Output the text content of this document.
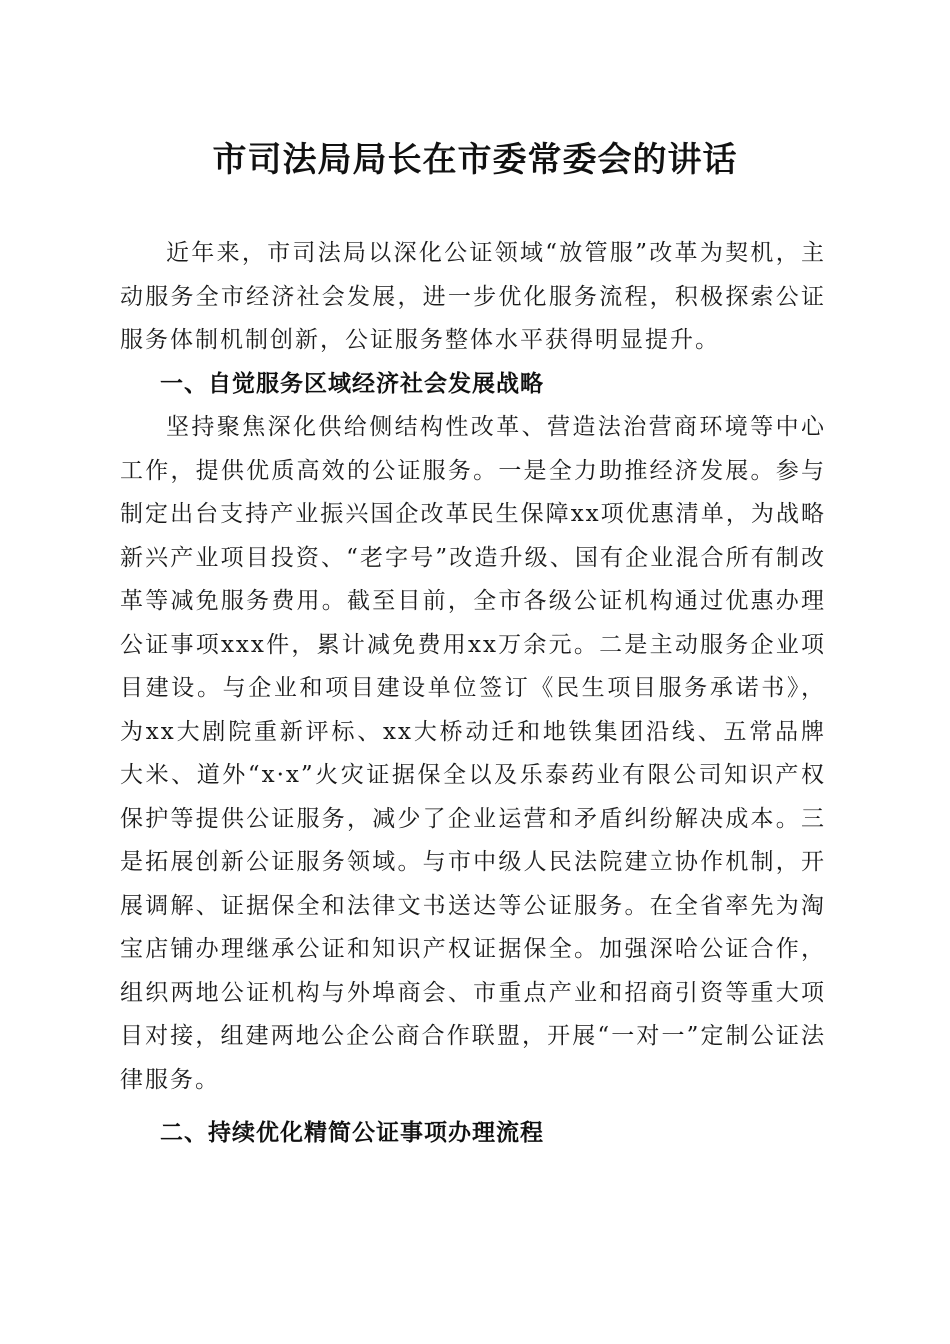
市司法局局长在市委常委会的讲话

近年来，市司法局以深化公证领域“放管服”改革为契机，主动服务全市经济社会发展，进一步优化服务流程，积极探索公证服务体制机制创新，公证服务整体水平获得明显提升。

一、自觉服务区域经济社会发展战略

坚持聚焦深化供给侧结构性改革、营造法治营商环境等中心工作，提供优质高效的公证服务。一是全力助推经济发展。参与制定出台支持产业振兴国企改革民生保障xx项优惠清单，为战略新兴产业项目投资、“老字号”改造升级、国有企业混合所有制改革等减免服务费用。截至目前，全市各级公证机构通过优惠办理公证事项xxx件，累计减免费用xx万余元。二是主动服务企业项目建设。与企业和项目建设单位签订《民生项目服务承诺书》，为xx大剧院重新评标、xx大桥动迁和地铁集团沿线、五常品牌大米、道外“x·x”火灾证据保全以及乐泰药业有限公司知识产权保护等提供公证服务，减少了企业运营和矛盾纠纷解决成本。三是拓展创新公证服务领域。与市中级人民法院建立协作机制，开展调解、证据保全和法律文书送达等公证服务。在全省率先为淘宝店铺办理继承公证和知识产权证据保全。加强深哈公证合作，组织两地公证机构与外埠商会、市重点产业和招商引资等重大项目对接，组建两地公企公商合作联盟，开展“一对一”定制公证法律服务。

二、持续优化精简公证事项办理流程
